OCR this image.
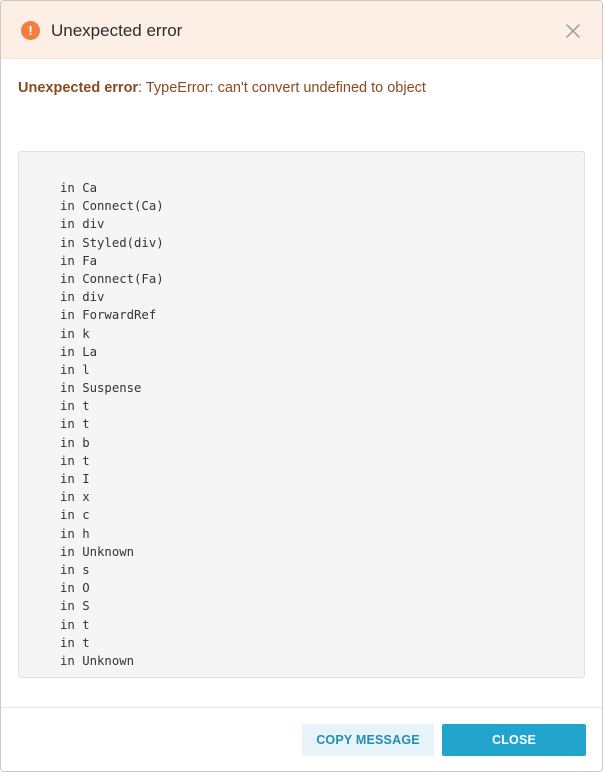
!	Unexpected error
Unexpected error: TypeError: can't convert undefined to object
in Ca
in Connect(Ca)
in div
in Styled(div)
in Fa
in Connect(Fa)
in div
in ForwardRef
in k
in La
in l
in Suspense
in t
in t
in b
in t
in I
in x
in c
in h
in Unknown
in s
in O
in S
in t
in t
in Unknown
COPY MESSAGE	CLOSE
